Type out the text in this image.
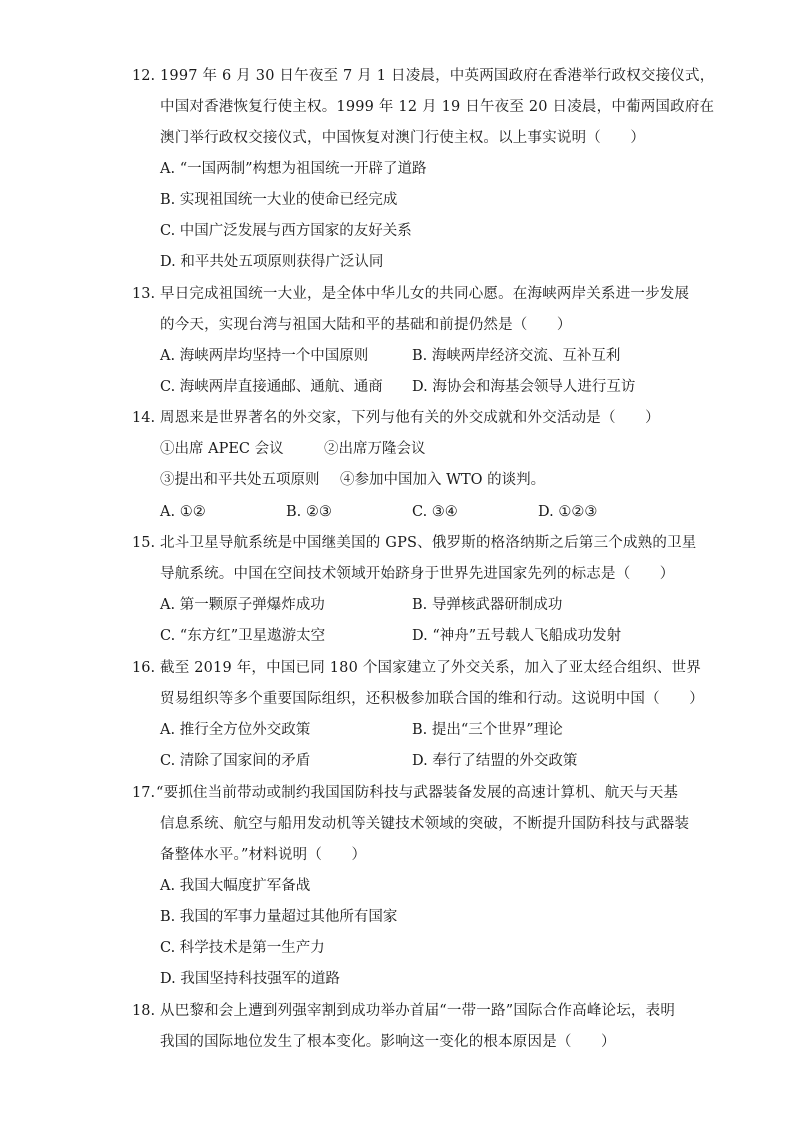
12. 1997 年 6 月 30 日午夜至 7 月 1 日凌晨，中英两国政府在香港举行政权交接仪式，
中国对香港恢复行使主权。1999 年 12 月 19 日午夜至 20 日凌晨，中葡两国政府在
澳门举行政权交接仪式，中国恢复对澳门行使主权。以上事实说明（　　）
A. “一国两制”构想为祖国统一开辟了道路
B. 实现祖国统一大业的使命已经完成
C. 中国广泛发展与西方国家的友好关系
D. 和平共处五项原则获得广泛认同
13. 早日完成祖国统一大业，是全体中华儿女的共同心愿。在海峡两岸关系进一步发展
的今天，实现台湾与祖国大陆和平的基础和前提仍然是（　　）
A. 海峡两岸均坚持一个中国原则	B. 海峡两岸经济交流、互补互利
C. 海峡两岸直接通邮、通航、通商 D. 海协会和海基会领导人进行互访
14. 周恩来是世界著名的外交家，下列与他有关的外交成就和外交活动是（　　）
①出席 APEC 会议	②出席万隆会议
③提出和平共处五项原则 ④参加中国加入 WTO 的谈判。
A. ①②	B. ②③	C. ③④	D. ①②③
15. 北斗卫星导航系统是中国继美国的 GPS、俄罗斯的格洛纳斯之后第三个成熟的卫星
导航系统。中国在空间技术领域开始跻身于世界先进国家先列的标志是（　　）
A. 第一颗原子弹爆炸成功	B. 导弹核武器研制成功
C. “东方红”卫星遨游太空	D. “神舟”五号载人飞船成功发射
16. 截至 2019 年，中国已同 180 个国家建立了外交关系，加入了亚太经合组织、世界
贸易组织等多个重要国际组织，还积极参加联合国的维和行动。这说明中国（　　）
A. 推行全方位外交政策	B. 提出“三个世界”理论
C. 清除了国家间的矛盾	D. 奉行了结盟的外交政策
17. “要抓住当前带动或制约我国国防科技与武器装备发展的高速计算机、航天与天基
信息系统、航空与船用发动机等关键技术领域的突破，不断提升国防科技与武器装
备整体水平。”材料说明（　　）
A. 我国大幅度扩军备战
B. 我国的军事力量超过其他所有国家
C. 科学技术是第一生产力
D. 我国坚持科技强军的道路
18. 从巴黎和会上遭到列强宰割到成功举办首届“一带一路”国际合作高峰论坛，表明
我国的国际地位发生了根本变化。影响这一变化的根本原因是（　　）
